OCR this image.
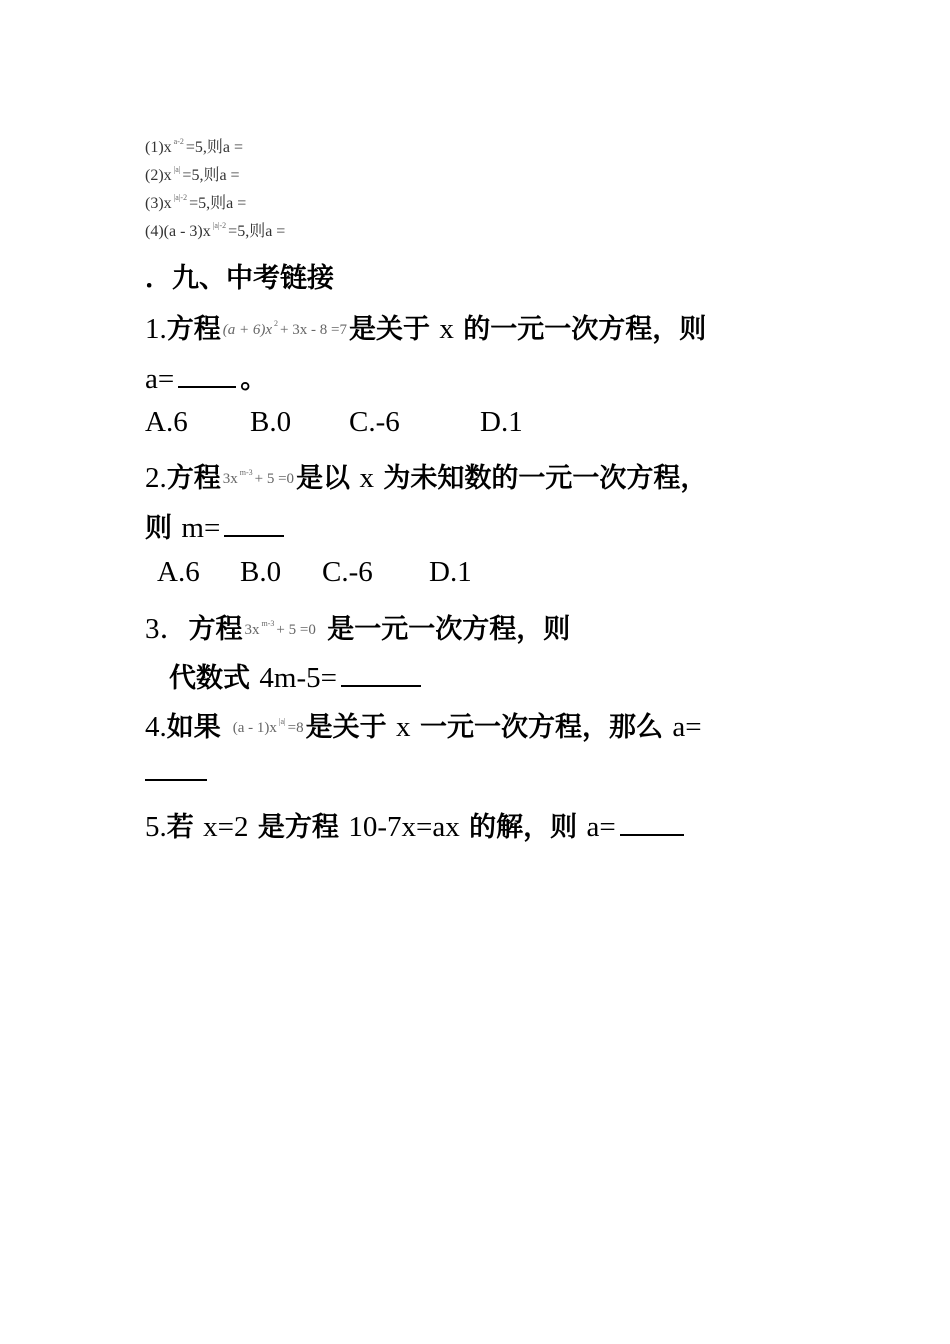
(1)x $^{a-2}$ =5,则a =
(2)x $^{|a|}$ =5,则a =
(3)x $^{|a|-2}$ =5,则a =
(4)(a - 3)x $^{|a|-2}$ =5,则a =
．九、中考链接
1.方程 (a + 6)x $^2$ + 3x - 8 =7是关于 x 的一元一次方程，则
a= 。
A.6 B.0 C.-6	D.1
2.方程 3x $^{m-3}$ + 5 =0是以 x 为未知数的一元一次方程，
则 m=
A.6 B.0 C.-6 D.1
3．方程 3x $^{m-3}$ + 5 =0 是一元一次方程，则
代数式 4m-5=
4.如果 (a - 1)x $^{|a|}$ =8是关于 x 一元一次方程，那么 a=
5.若 x=2 是方程 10-7x=ax 的解，则 a=
